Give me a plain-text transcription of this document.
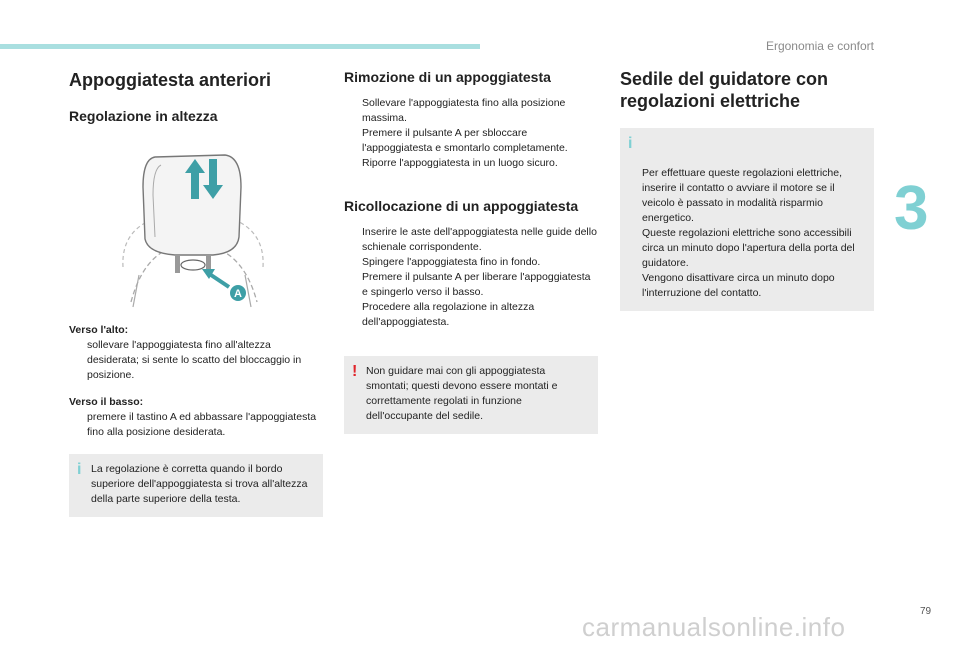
Ergonomia e confort
3
Appoggiatesta anteriori
Regolazione in altezza
A

Verso l'alto:

sollevare l'appoggiatesta fino all'altezza desiderata; si sente lo scatto del bloccaggio in posizione.

Verso il basso:

premere il tastino A ed abbassare l'appoggiatesta fino alla posizione desiderata.
i La regolazione è corretta quando il bordo superiore dell'appoggiatesta si trova all'altezza della parte superiore della testa.
Rimozione di un appoggiatesta
Sollevare l'appoggiatesta fino alla posizione massima.
Premere il pulsante A per sbloccare l'appoggiatesta e smontarlo completamente.
Riporre l'appoggiatesta in un luogo sicuro.
Ricollocazione di un appoggiatesta
Inserire le aste dell'appoggiatesta nelle guide dello schienale corrispondente.
Spingere l'appoggiatesta fino in fondo.
Premere il pulsante A per liberare l'appoggiatesta e spingerlo verso il basso.
Procedere alla regolazione in altezza dell'appoggiatesta.
! Non guidare mai con gli appoggiatesta smontati; questi devono essere montati e correttamente regolati in funzione dell'occupante del sedile.
Sedile del guidatore con regolazioni elettriche

i

Per effettuare queste regolazioni elettriche, inserire il contatto o avviare il motore se il veicolo è passato in modalità risparmio energetico.
Queste regolazioni elettriche sono accessibili circa un minuto dopo l'apertura della porta del guidatore.
Vengono disattivare circa un minuto dopo l'interruzione del contatto.

79
carmanualsonline.info
